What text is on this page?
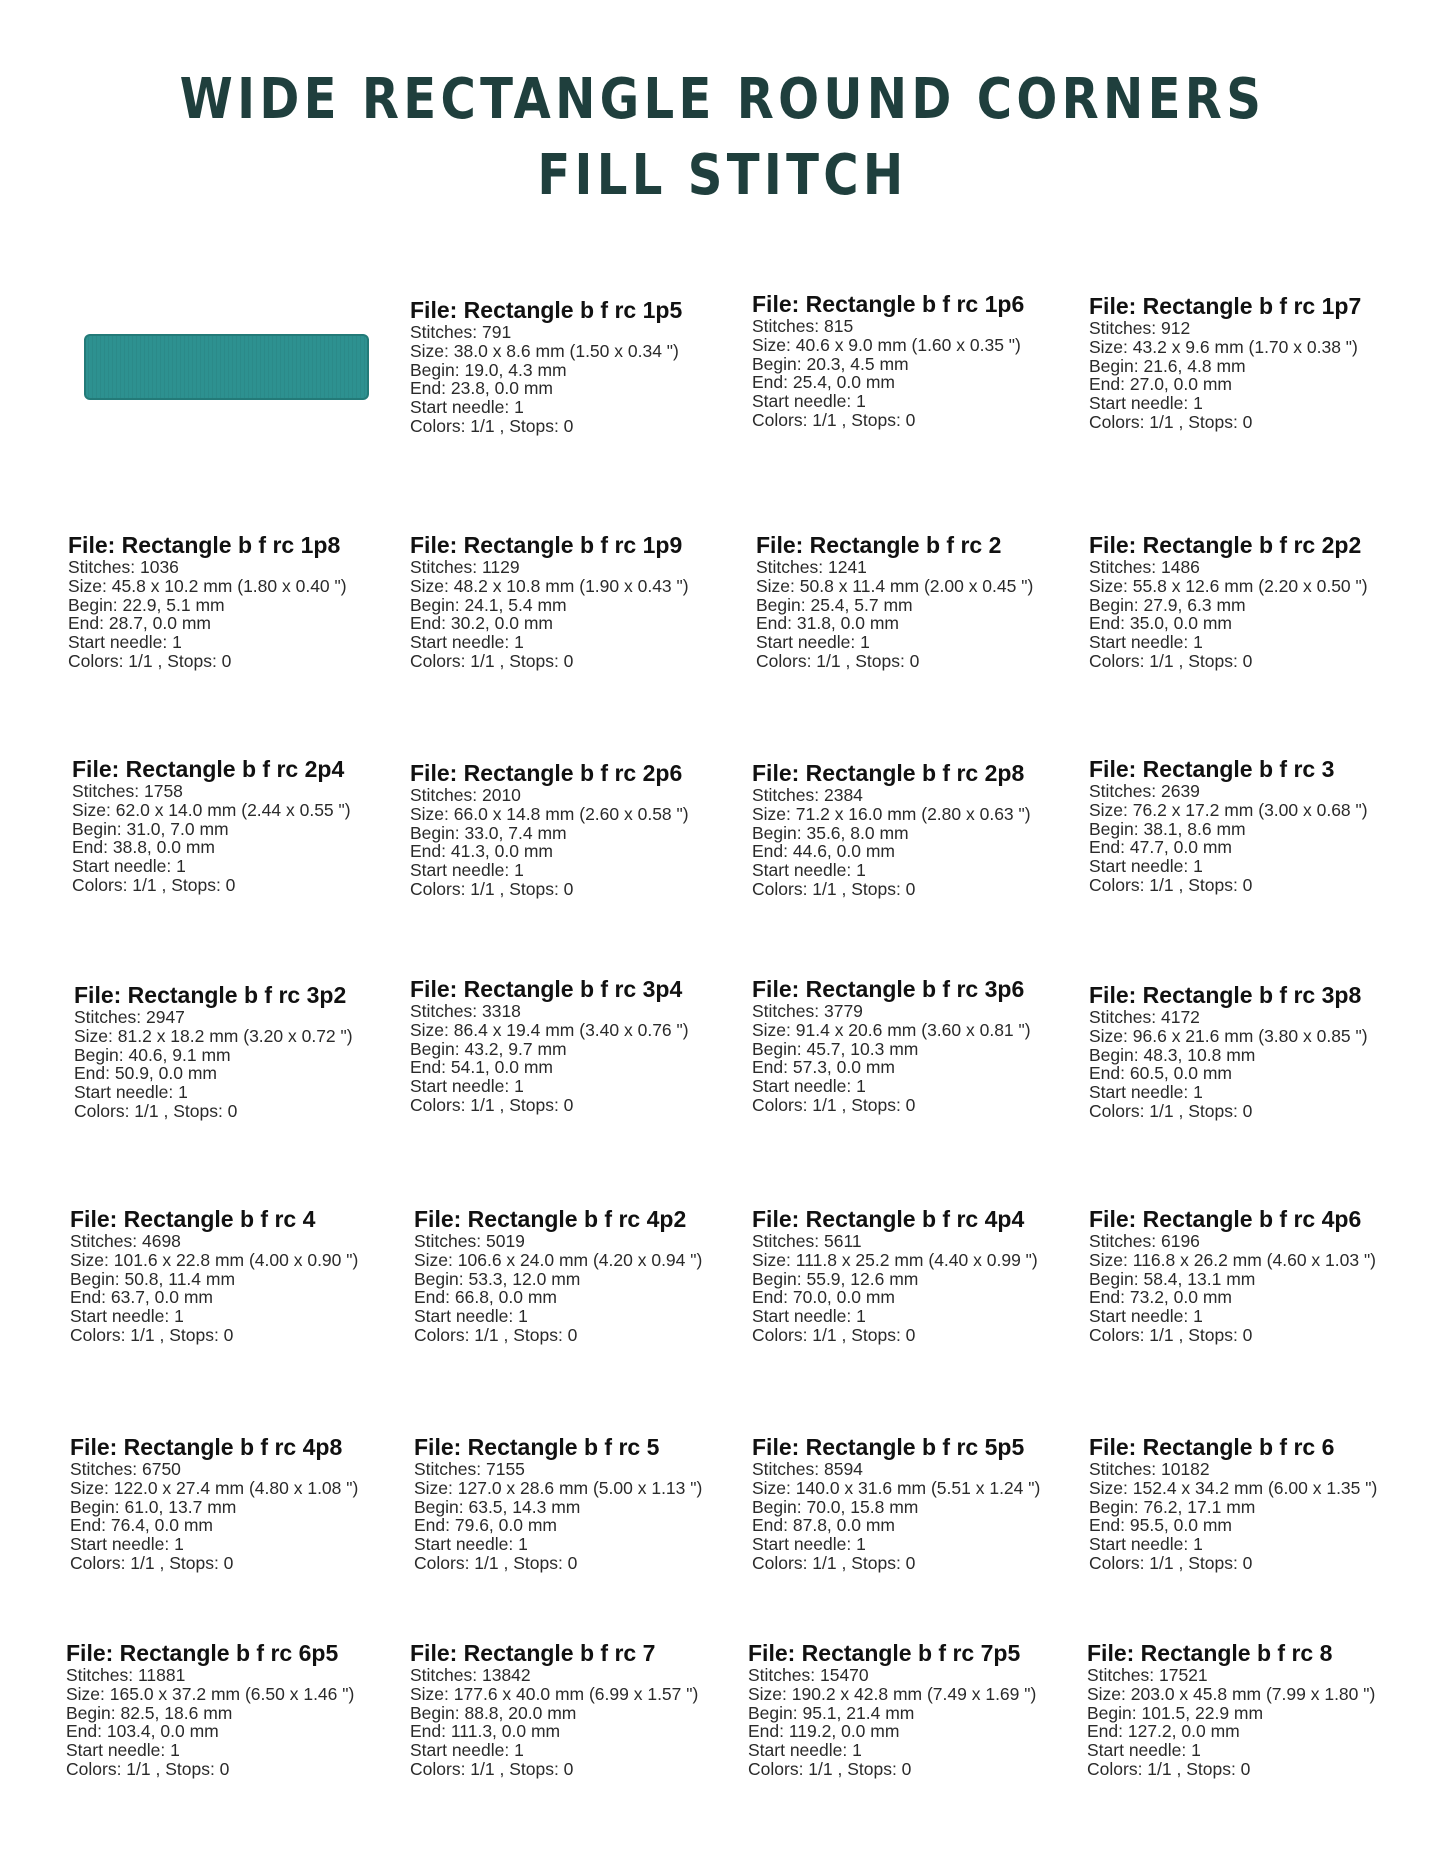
WIDE RECTANGLE ROUND CORNERS
FILL STITCH
File: Rectangle b f rc 1p5
Stitches: 791
Size: 38.0 x 8.6 mm (1.50 x 0.34 ")
Begin: 19.0, 4.3 mm
End: 23.8, 0.0 mm
Start needle: 1
Colors: 1/1 , Stops: 0
File: Rectangle b f rc 1p6
Stitches: 815
Size: 40.6 x 9.0 mm (1.60 x 0.35 ")
Begin: 20.3, 4.5 mm
End: 25.4, 0.0 mm
Start needle: 1
Colors: 1/1 , Stops: 0
File: Rectangle b f rc 1p7
Stitches: 912
Size: 43.2 x 9.6 mm (1.70 x 0.38 ")
Begin: 21.6, 4.8 mm
End: 27.0, 0.0 mm
Start needle: 1
Colors: 1/1 , Stops: 0
File: Rectangle b f rc 1p8
Stitches: 1036
Size: 45.8 x 10.2 mm (1.80 x 0.40 ")
Begin: 22.9, 5.1 mm
End: 28.7, 0.0 mm
Start needle: 1
Colors: 1/1 , Stops: 0
File: Rectangle b f rc 1p9
Stitches: 1129
Size: 48.2 x 10.8 mm (1.90 x 0.43 ")
Begin: 24.1, 5.4 mm
End: 30.2, 0.0 mm
Start needle: 1
Colors: 1/1 , Stops: 0
File: Rectangle b f rc 2
Stitches: 1241
Size: 50.8 x 11.4 mm (2.00 x 0.45 ")
Begin: 25.4, 5.7 mm
End: 31.8, 0.0 mm
Start needle: 1
Colors: 1/1 , Stops: 0
File: Rectangle b f rc 2p2
Stitches: 1486
Size: 55.8 x 12.6 mm (2.20 x 0.50 ")
Begin: 27.9, 6.3 mm
End: 35.0, 0.0 mm
Start needle: 1
Colors: 1/1 , Stops: 0
File: Rectangle b f rc 2p4
Stitches: 1758
Size: 62.0 x 14.0 mm (2.44 x 0.55 ")
Begin: 31.0, 7.0 mm
End: 38.8, 0.0 mm
Start needle: 1
Colors: 1/1 , Stops: 0
File: Rectangle b f rc 2p6
Stitches: 2010
Size: 66.0 x 14.8 mm (2.60 x 0.58 ")
Begin: 33.0, 7.4 mm
End: 41.3, 0.0 mm
Start needle: 1
Colors: 1/1 , Stops: 0
File: Rectangle b f rc 2p8
Stitches: 2384
Size: 71.2 x 16.0 mm (2.80 x 0.63 ")
Begin: 35.6, 8.0 mm
End: 44.6, 0.0 mm
Start needle: 1
Colors: 1/1 , Stops: 0
File: Rectangle b f rc 3
Stitches: 2639
Size: 76.2 x 17.2 mm (3.00 x 0.68 ")
Begin: 38.1, 8.6 mm
End: 47.7, 0.0 mm
Start needle: 1
Colors: 1/1 , Stops: 0
File: Rectangle b f rc 3p2
Stitches: 2947
Size: 81.2 x 18.2 mm (3.20 x 0.72 ")
Begin: 40.6, 9.1 mm
End: 50.9, 0.0 mm
Start needle: 1
Colors: 1/1 , Stops: 0
File: Rectangle b f rc 3p4
Stitches: 3318
Size: 86.4 x 19.4 mm (3.40 x 0.76 ")
Begin: 43.2, 9.7 mm
End: 54.1, 0.0 mm
Start needle: 1
Colors: 1/1 , Stops: 0
File: Rectangle b f rc 3p6
Stitches: 3779
Size: 91.4 x 20.6 mm (3.60 x 0.81 ")
Begin: 45.7, 10.3 mm
End: 57.3, 0.0 mm
Start needle: 1
Colors: 1/1 , Stops: 0
File: Rectangle b f rc 3p8
Stitches: 4172
Size: 96.6 x 21.6 mm (3.80 x 0.85 ")
Begin: 48.3, 10.8 mm
End: 60.5, 0.0 mm
Start needle: 1
Colors: 1/1 , Stops: 0
File: Rectangle b f rc 4
Stitches: 4698
Size: 101.6 x 22.8 mm (4.00 x 0.90 ")
Begin: 50.8, 11.4 mm
End: 63.7, 0.0 mm
Start needle: 1
Colors: 1/1 , Stops: 0
File: Rectangle b f rc 4p2
Stitches: 5019
Size: 106.6 x 24.0 mm (4.20 x 0.94 ")
Begin: 53.3, 12.0 mm
End: 66.8, 0.0 mm
Start needle: 1
Colors: 1/1 , Stops: 0
File: Rectangle b f rc 4p4
Stitches: 5611
Size: 111.8 x 25.2 mm (4.40 x 0.99 ")
Begin: 55.9, 12.6 mm
End: 70.0, 0.0 mm
Start needle: 1
Colors: 1/1 , Stops: 0
File: Rectangle b f rc 4p6
Stitches: 6196
Size: 116.8 x 26.2 mm (4.60 x 1.03 ")
Begin: 58.4, 13.1 mm
End: 73.2, 0.0 mm
Start needle: 1
Colors: 1/1 , Stops: 0
File: Rectangle b f rc 4p8
Stitches: 6750
Size: 122.0 x 27.4 mm (4.80 x 1.08 ")
Begin: 61.0, 13.7 mm
End: 76.4, 0.0 mm
Start needle: 1
Colors: 1/1 , Stops: 0
File: Rectangle b f rc 5
Stitches: 7155
Size: 127.0 x 28.6 mm (5.00 x 1.13 ")
Begin: 63.5, 14.3 mm
End: 79.6, 0.0 mm
Start needle: 1
Colors: 1/1 , Stops: 0
File: Rectangle b f rc 5p5
Stitches: 8594
Size: 140.0 x 31.6 mm (5.51 x 1.24 ")
Begin: 70.0, 15.8 mm
End: 87.8, 0.0 mm
Start needle: 1
Colors: 1/1 , Stops: 0
File: Rectangle b f rc 6
Stitches: 10182
Size: 152.4 x 34.2 mm (6.00 x 1.35 ")
Begin: 76.2, 17.1 mm
End: 95.5, 0.0 mm
Start needle: 1
Colors: 1/1 , Stops: 0
File: Rectangle b f rc 6p5
Stitches: 11881
Size: 165.0 x 37.2 mm (6.50 x 1.46 ")
Begin: 82.5, 18.6 mm
End: 103.4, 0.0 mm
Start needle: 1
Colors: 1/1 , Stops: 0
File: Rectangle b f rc 7
Stitches: 13842
Size: 177.6 x 40.0 mm (6.99 x 1.57 ")
Begin: 88.8, 20.0 mm
End: 111.3, 0.0 mm
Start needle: 1
Colors: 1/1 , Stops: 0
File: Rectangle b f rc 7p5
Stitches: 15470
Size: 190.2 x 42.8 mm (7.49 x 1.69 ")
Begin: 95.1, 21.4 mm
End: 119.2, 0.0 mm
Start needle: 1
Colors: 1/1 , Stops: 0
File: Rectangle b f rc 8
Stitches: 17521
Size: 203.0 x 45.8 mm (7.99 x 1.80 ")
Begin: 101.5, 22.9 mm
End: 127.2, 0.0 mm
Start needle: 1
Colors: 1/1 , Stops: 0
